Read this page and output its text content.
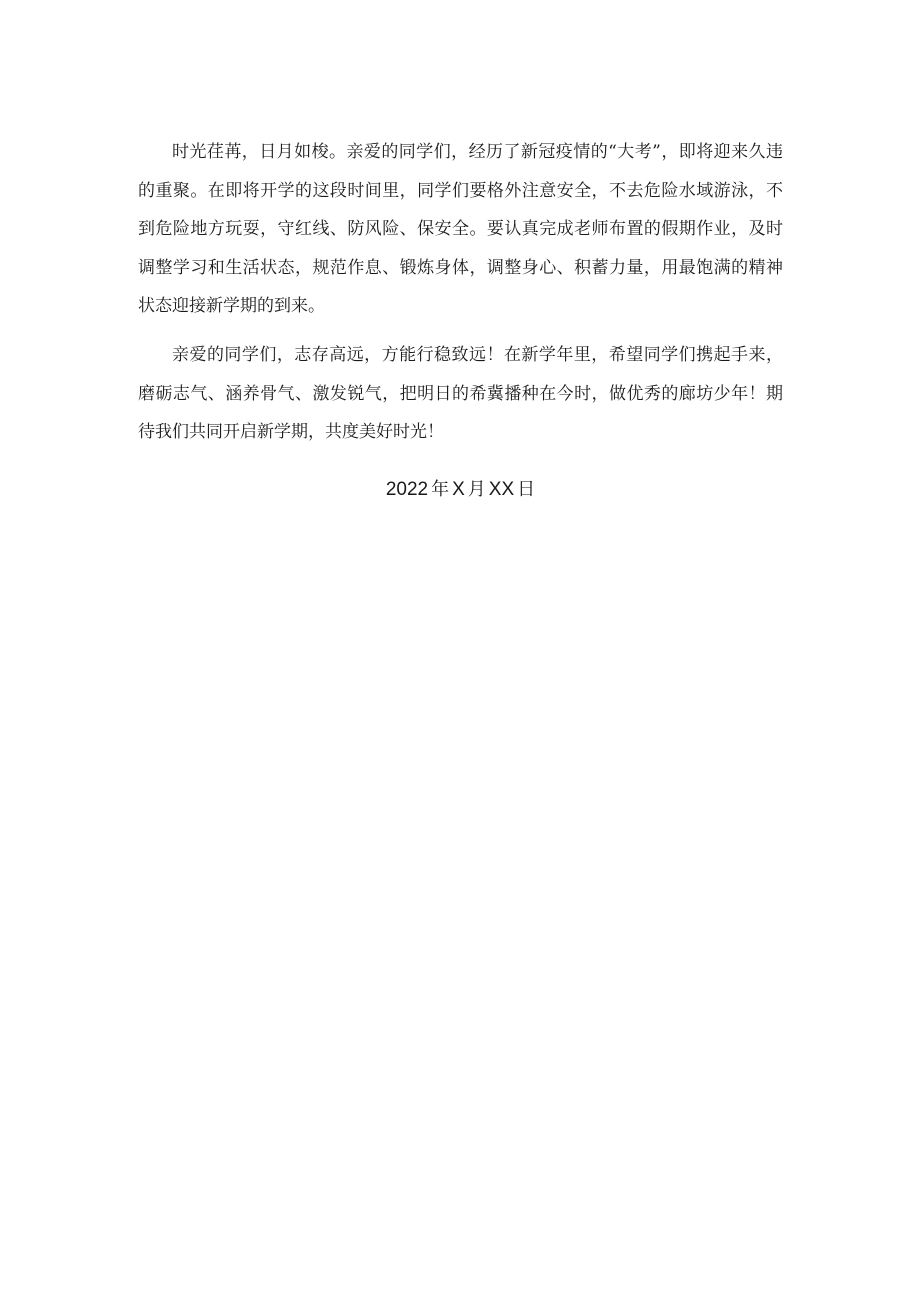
时光荏苒，日月如梭。亲爱的同学们，经历了新冠疫情的“大考”，即将迎来久违的重聚。在即将开学的这段时间里，同学们要格外注意安全，不去危险水域游泳，不到危险地方玩耍，守红线、防风险、保安全。要认真完成老师布置的假期作业，及时调整学习和生活状态，规范作息、锻炼身体，调整身心、积蓄力量，用最饱满的精神状态迎接新学期的到来。

亲爱的同学们，志存高远，方能行稳致远！在新学年里，希望同学们携起手来，磨砺志气、涵养骨气、激发锐气，把明日的希冀播种在今时，做优秀的廊坊少年！期待我们共同开启新学期，共度美好时光！

2022 年 X 月 XX 日
